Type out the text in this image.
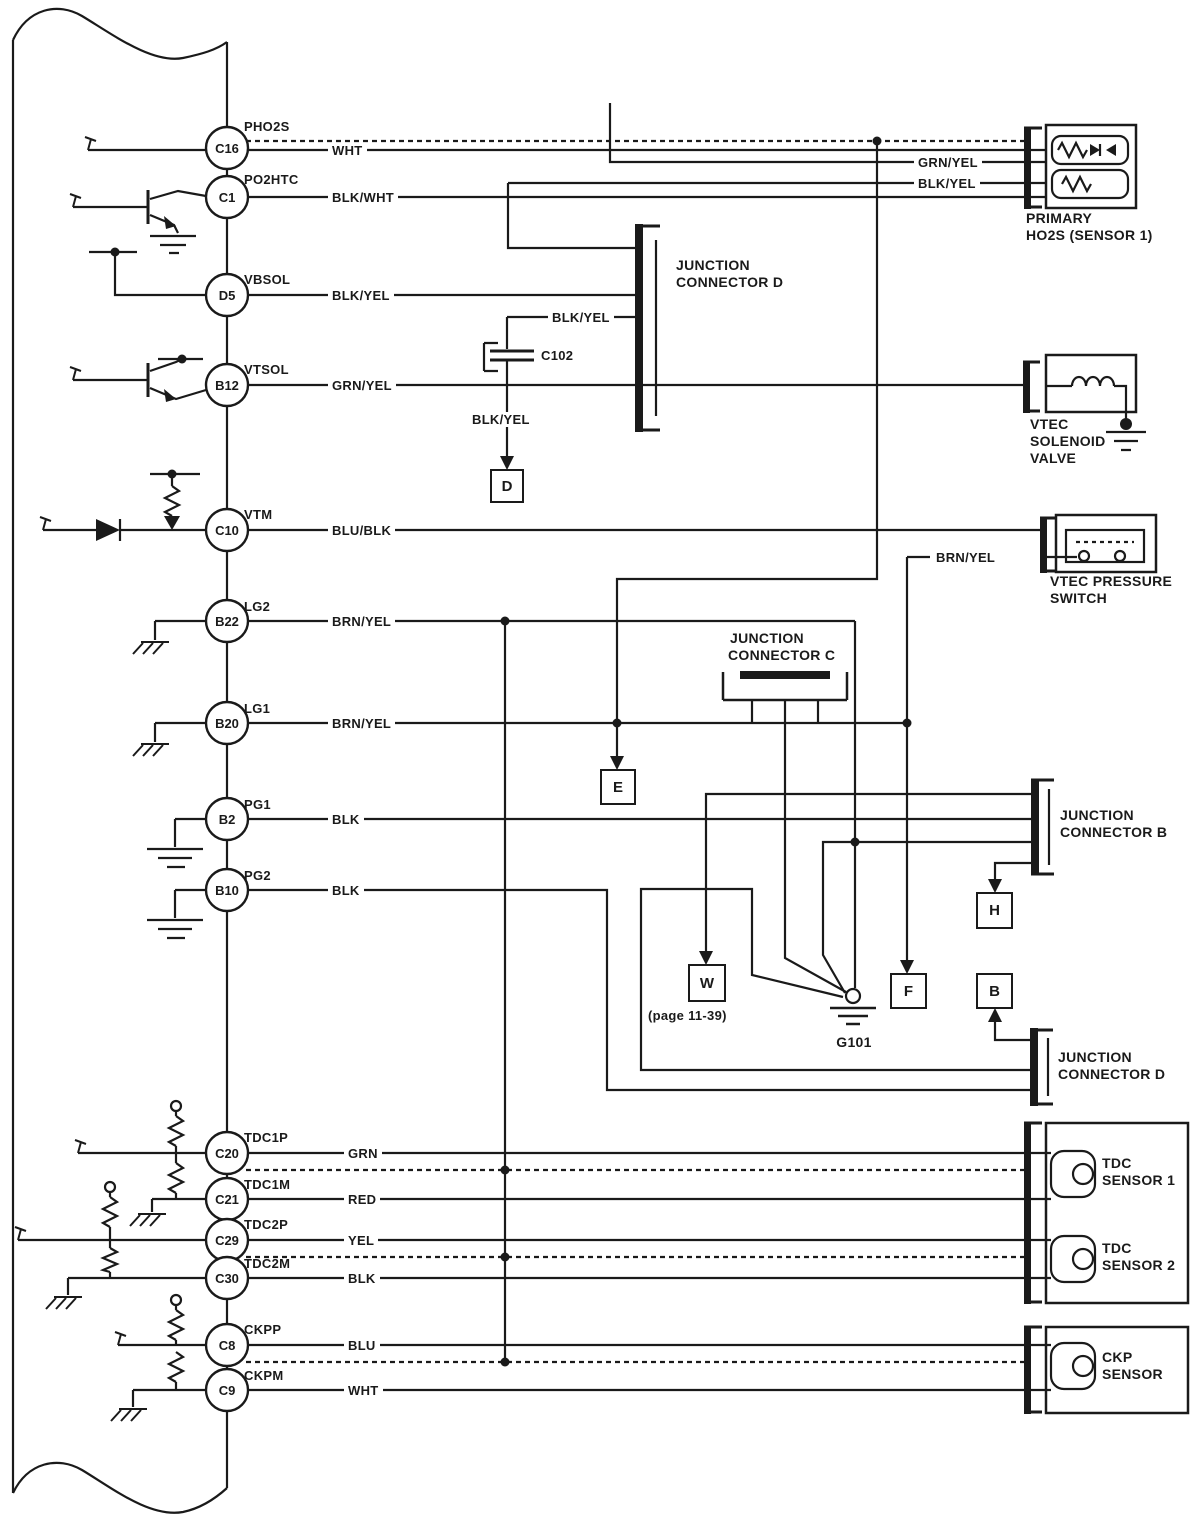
C16
C1
D5
B12
C10
B22
B20
B2
B10
C20
C21
C29
C30
C8
C9
PHO2S
PO2HTC
VBSOL
VTSOL
VTM
LG2
LG1
PG1
PG2
TDC1P
TDC1M
TDC2P
TDC2M
CKPP
CKPM
WHT
BLK/WHT
BLK/YEL
GRN/YEL
BLU/BLK
BRN/YEL
BRN/YEL
BLK
BLK
GRN
RED
YEL
BLK
BLU
WHT
GRN/YEL
BLK/YEL
BLK/YEL
C102
BLK/YEL
BRN/YEL
PRIMARY
HO2S (SENSOR 1)
VTEC
SOLENOID
VALVE
VTEC PRESSURE
SWITCH
JUNCTION
CONNECTOR D
JUNCTION
CONNECTOR C
JUNCTION
CONNECTOR B
JUNCTION
CONNECTOR D
TDC
SENSOR 1
TDC
SENSOR 2
CKP
SENSOR
D
E
W	F
H
B
G101
(page 11-39)
